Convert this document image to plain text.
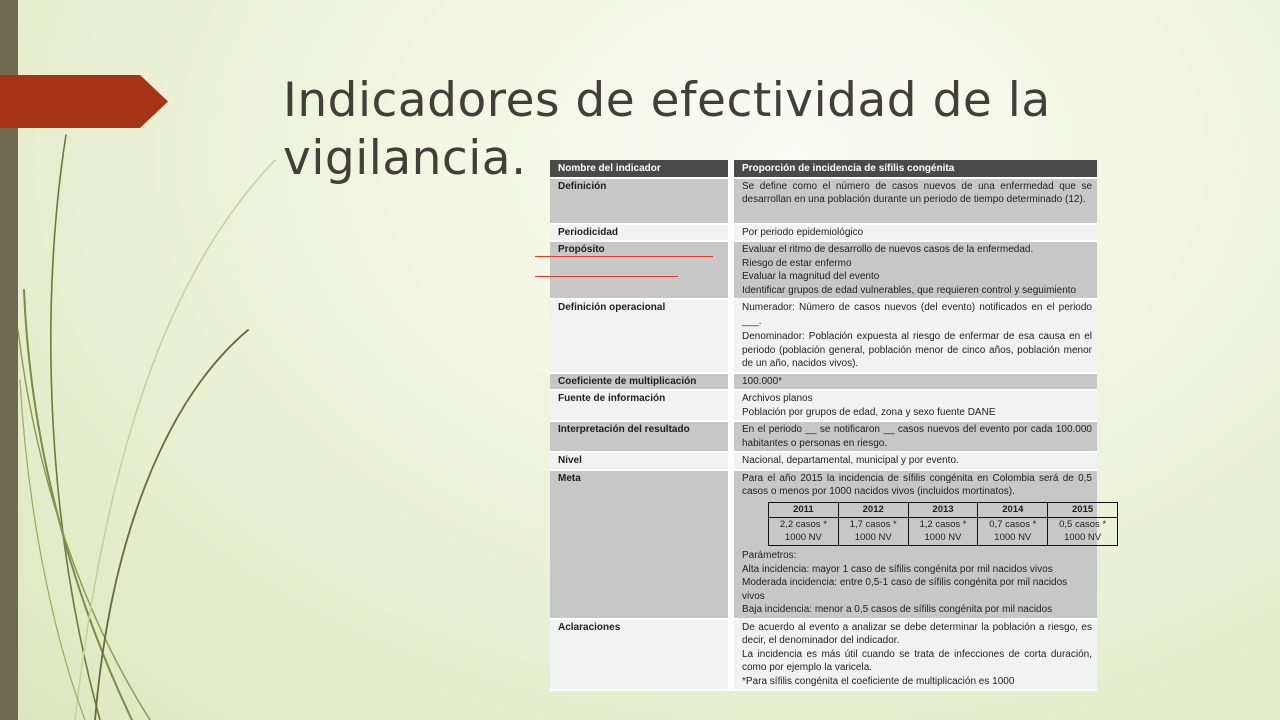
Indicadores de efectividad de la vigilancia.	Nombre del indicador	Proporción de incidencia de sífilis congénita
Definición	Se define como el número de casos nuevos de una enfermedad que se desarrollan en una población durante un periodo de tiempo determinado (12).
Periodicidad	Por periodo epidemiológico
Propósito	Evaluar el ritmo de desarrollo de nuevos casos de la enfermedad.
Riesgo de estar enfermo
Evaluar la magnitud del evento
Identificar grupos de edad vulnerables, que requieren control y seguimiento

Definición operacional	Numerador: Número de casos nuevos (del evento) notificados en el periodo ___.
Denominador: Población expuesta al riesgo de enfermar de esa causa en el periodo (población general, población menor de cinco años, población menor de un año, nacidos vivos).

Coeficiente de multiplicación	100.000*
Fuente de información	Archivos planos
Población por grupos de edad, zona y sexo fuente DANE

Interpretación del resultado	En el periodo __ se notificaron __ casos nuevos del evento por cada 100.000 habitantes o personas en riesgo.
Nivel	Nacional, departamental, municipal y por evento.
Meta	Para el año 2015 la incidencia de sífilis congénita en Colombia será de 0,5 casos o menos por 1000 nacidos vivos (incluidos mortinatos).
2011	2012	2013	2014	2015
2,2 casos * 1000 NV	1,7 casos * 1000 NV	1,2 casos * 1000 NV	0,7 casos * 1000 NV	0,5 casos * 1000 NV
Parámetros:
Alta incidencia: mayor 1 caso de sífilis congénita por mil nacidos vivos
Moderada incidencia: entre 0,5-1 caso de sífilis congénita por mil nacidos vivos
Baja incidencia: menor a 0,5 casos de sífilis congénita por mil nacidos

Aclaraciones	De acuerdo al evento a analizar se debe determinar la población a riesgo, es decir, el denominador del indicador.
La incidencia es más útil cuando se trata de infecciones de corta duración, como por ejemplo la varicela.
*Para sífilis congénita el coeficiente de multiplicación es 1000
